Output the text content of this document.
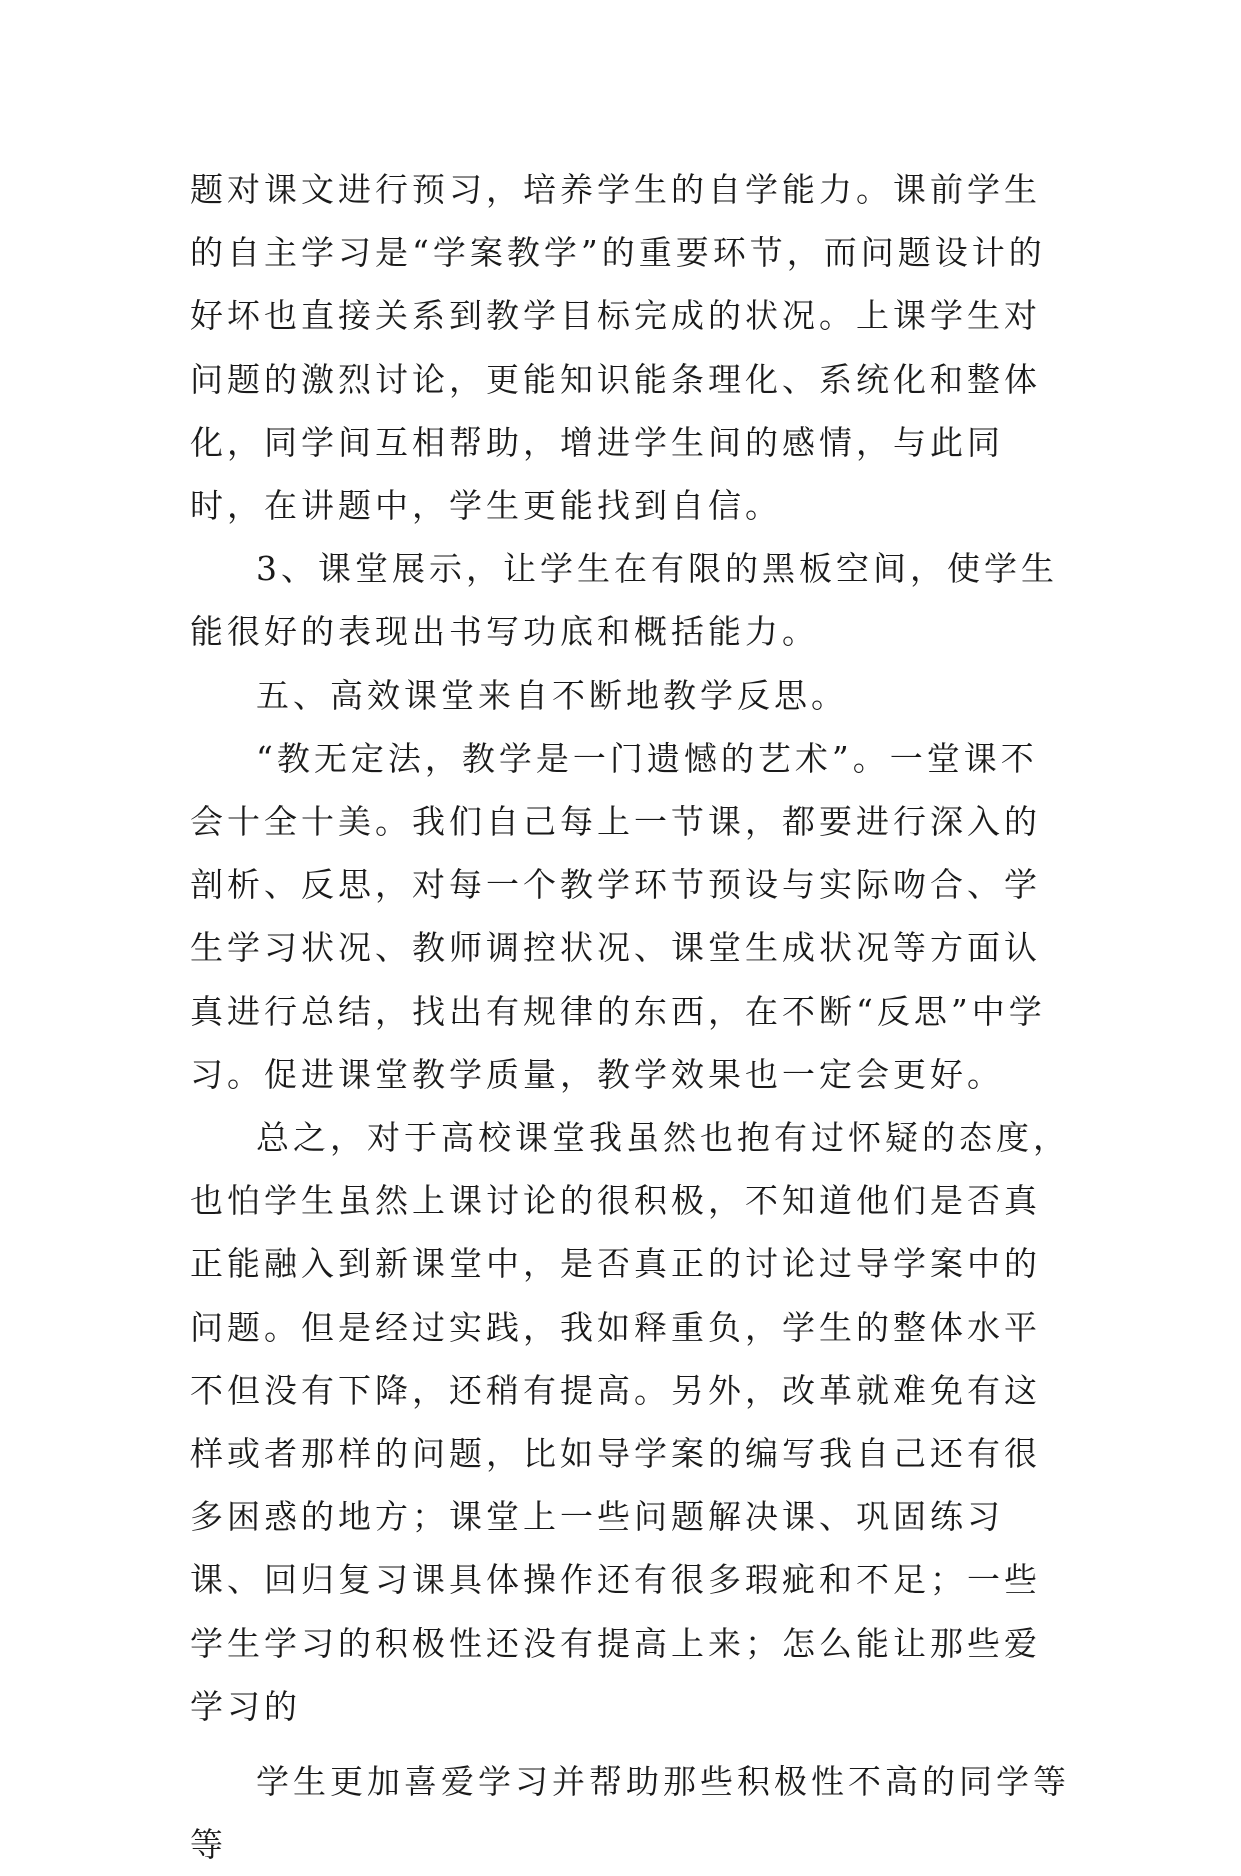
题对课文进行预习，培养学生的自学能力。课前学生的自主学习是“学案教学”的重要环节，而问题设计的好坏也直接关系到教学目标完成的状况。上课学生对问题的激烈讨论，更能知识能条理化、系统化和整体化，同学间互相帮助，增进学生间的感情，与此同时，在讲题中，学生更能找到自信。

3、课堂展示，让学生在有限的黑板空间，使学生能很好的表现出书写功底和概括能力。

五、高效课堂来自不断地教学反思。

“教无定法，教学是一门遗憾的艺术”。一堂课不会十全十美。我们自己每上一节课，都要进行深入的剖析、反思，对每一个教学环节预设与实际吻合、学生学习状况、教师调控状况、课堂生成状况等方面认真进行总结，找出有规律的东西，在不断“反思”中学习。促进课堂教学质量，教学效果也一定会更好。

总之，对于高校课堂我虽然也抱有过怀疑的态度，也怕学生虽然上课讨论的很积极，不知道他们是否真正能融入到新课堂中，是否真正的讨论过导学案中的问题。但是经过实践，我如释重负，学生的整体水平不但没有下降，还稍有提高。另外，改革就难免有这样或者那样的问题，比如导学案的编写我自己还有很多困惑的地方；课堂上一些问题解决课、巩固练习课、回归复习课具体操作还有很多瑕疵和不足；一些学生学习的积极性还没有提高上来；怎么能让那些爱学习的

学生更加喜爱学习并帮助那些积极性不高的同学等等
